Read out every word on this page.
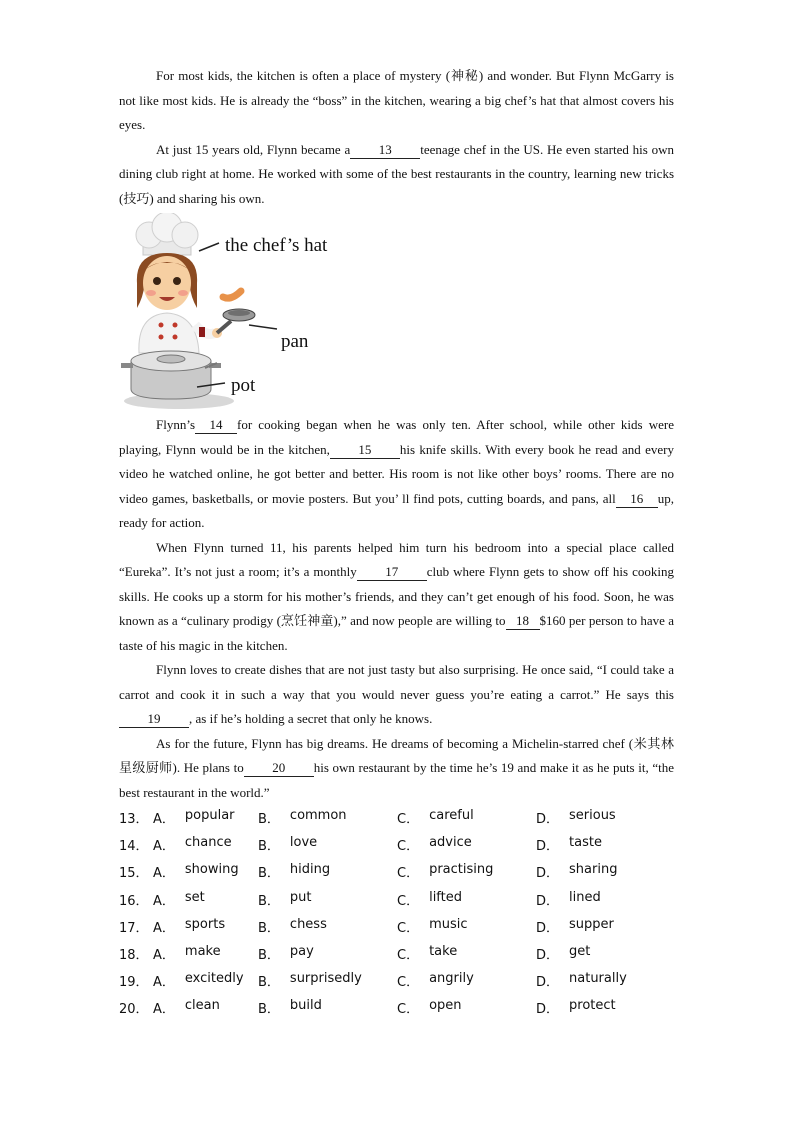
For most kids, the kitchen is often a place of mystery (神秘) and wonder. But Flynn McGarry is not like most kids. He is already the “boss” in the kitchen, wearing a big chef’s hat that almost covers his eyes.

At just 15 years old, Flynn became a 13 teenage chef in the US. He even started his own dining club right at home. He worked with some of the best restaurants in the country, learning new tricks (技巧) and sharing his own.

the chef’s hat
pan
pot

Flynn’s 14 for cooking began when he was only ten. After school, while other kids were playing, Flynn would be in the kitchen, 15 his knife skills. With every book he read and every video he watched online, he got better and better. His room is not like other boys’ rooms. There are no video games, basketballs, or movie posters. But you’ ll find pots, cutting boards, and pans, all 16 up, ready for action.

When Flynn turned 11, his parents helped him turn his bedroom into a special place called “Eureka”. It’s not just a room; it’s a monthly 17 club where Flynn gets to show off his cooking skills. He cooks up a storm for his mother’s friends, and they can’t get enough of his food. Soon, he was known as a “culinary prodigy (烹饪神童),” and now people are willing to 18 $160 per person to have a taste of his magic in the kitchen.

Flynn loves to create dishes that are not just tasty but also surprising. He once said, “I could take a carrot and cook it in such a way that you would never guess you’re eating a carrot.” He says this19 , as if he’s holding a secret that only he knows.

As for the future, Flynn has big dreams. He dreams of becoming a Michelin-starred chef (米其林星级厨师). He plans to 20 his own restaurant by the time he’s 19 and make it as he puts it, “the best restaurant in the world.”

13． A． popular B． common	C． careful	D． serious
14． A． chance B． love	C． advice	D． taste
15． A． showing B． hiding	C． practising	D． sharing
16． A． set	B． put	C． lifted	D． lined
17． A． sports	B． chess	C． music	D． supper
18． A． make	B． pay	C． take	D． get
19． A． excitedly B． surprisedly	C． angrily	D． naturally
20． A． clean	B． build	C． open	D． protect
